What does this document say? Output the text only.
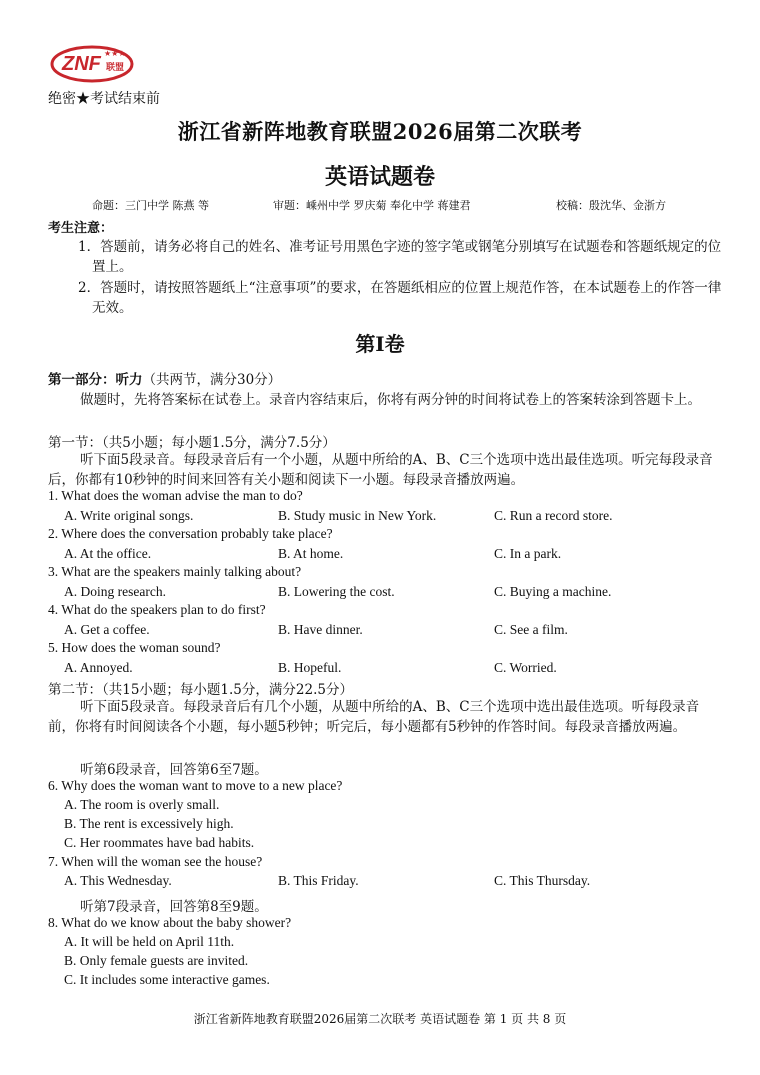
ZNF 联盟
★★★
绝密★考试结束前
浙江省新阵地教育联盟2026届第二次联考
英语试题卷
命题：三门中学 陈燕 等	审题：嵊州中学 罗庆菊 奉化中学 蒋建君	校稿：殷沈华、金浙方
考生注意：
1．答题前，请务必将自己的姓名、准考证号用黑色字迹的签字笔或钢笔分别填写在试题卷和答题纸规定的位置上。
2．答题时，请按照答题纸上“注意事项”的要求，在答题纸相应的位置上规范作答，在本试题卷上的作答一律无效。
第Ⅰ卷
第一部分：听力（共两节，满分30分）
做题时，先将答案标在试卷上。录音内容结束后，你将有两分钟的时间将试卷上的答案转涂到答题卡上。
第一节：（共5小题；每小题1.5分，满分7.5分）
听下面5段录音。每段录音后有一个小题，从题中所给的A、B、C三个选项中选出最佳选项。听完每段录音后，你都有10秒钟的时间来回答有关小题和阅读下一小题。每段录音播放两遍。
1. What does the woman advise the man to do?
A. Write original songs.	B. Study music in New York.	C. Run a record store.
2. Where does the conversation probably take place?
A. At the office.	B. At home.	C. In a park.
3. What are the speakers mainly talking about?
A. Doing research.	B. Lowering the cost.	C. Buying a machine.
4. What do the speakers plan to do first?
A. Get a coffee.	B. Have dinner.	C. See a film.
5. How does the woman sound?
A. Annoyed.	B. Hopeful.	C. Worried.
第二节：（共15小题；每小题1.5分，满分22.5分）
听下面5段录音。每段录音后有几个小题，从题中所给的A、B、C三个选项中选出最佳选项。听每段录音前，你将有时间阅读各个小题，每小题5秒钟；听完后，每小题都有5秒钟的作答时间。每段录音播放两遍。
听第6段录音，回答第6至7题。
6. Why does the woman want to move to a new place?
A. The room is overly small.
B. The rent is excessively high.
C. Her roommates have bad habits.
7. When will the woman see the house?
A. This Wednesday.	B. This Friday.	C. This Thursday.
听第7段录音，回答第8至9题。
8. What do we know about the baby shower?
A. It will be held on April 11th.
B. Only female guests are invited.
C. It includes some interactive games.
浙江省新阵地教育联盟2026届第二次联考 英语试题卷 第 1 页 共 8 页
